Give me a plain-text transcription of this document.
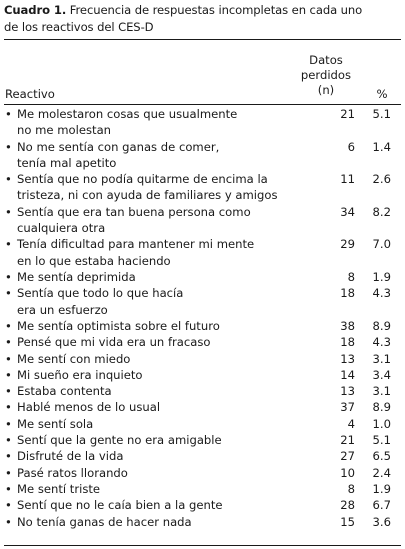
Cuadro 1. Frecuencia de respuestas incompletas en cada uno
de los reactivos del CES-D
Datos
perdidos
(n)
Reactivo	%
• Me molestaron cosas que usualmente
no me molestan
21 5.1
• No me sentía con ganas de comer,
tenía mal apetito
6 1.4
• Sentía que no podía quitarme de encima la
tristeza, ni con ayuda de familiares y amigos
11 2.6
• Sentía que era tan buena persona como
cualquiera otra
34 8.2
• Tenía dificultad para mantener mi mente
en lo que estaba haciendo
29 7.0
• Me sentía deprimida	8 1.9
• Sentía que todo lo que hacía
era un esfuerzo
18 4.3
• Me sentía optimista sobre el futuro	38 8.9
• Pensé que mi vida era un fracaso	18 4.3
• Me sentí con miedo	13 3.1
• Mi sueño era inquieto	14 3.4
• Estaba contenta	13 3.1
• Hablé menos de lo usual	37 8.9
• Me sentí sola	4 1.0
• Sentí que la gente no era amigable	21 5.1
• Disfruté de la vida	27 6.5
• Pasé ratos llorando	10 2.4
• Me sentí triste	8 1.9
• Sentí que no le caía bien a la gente	28 6.7
• No tenía ganas de hacer nada	15 3.6
